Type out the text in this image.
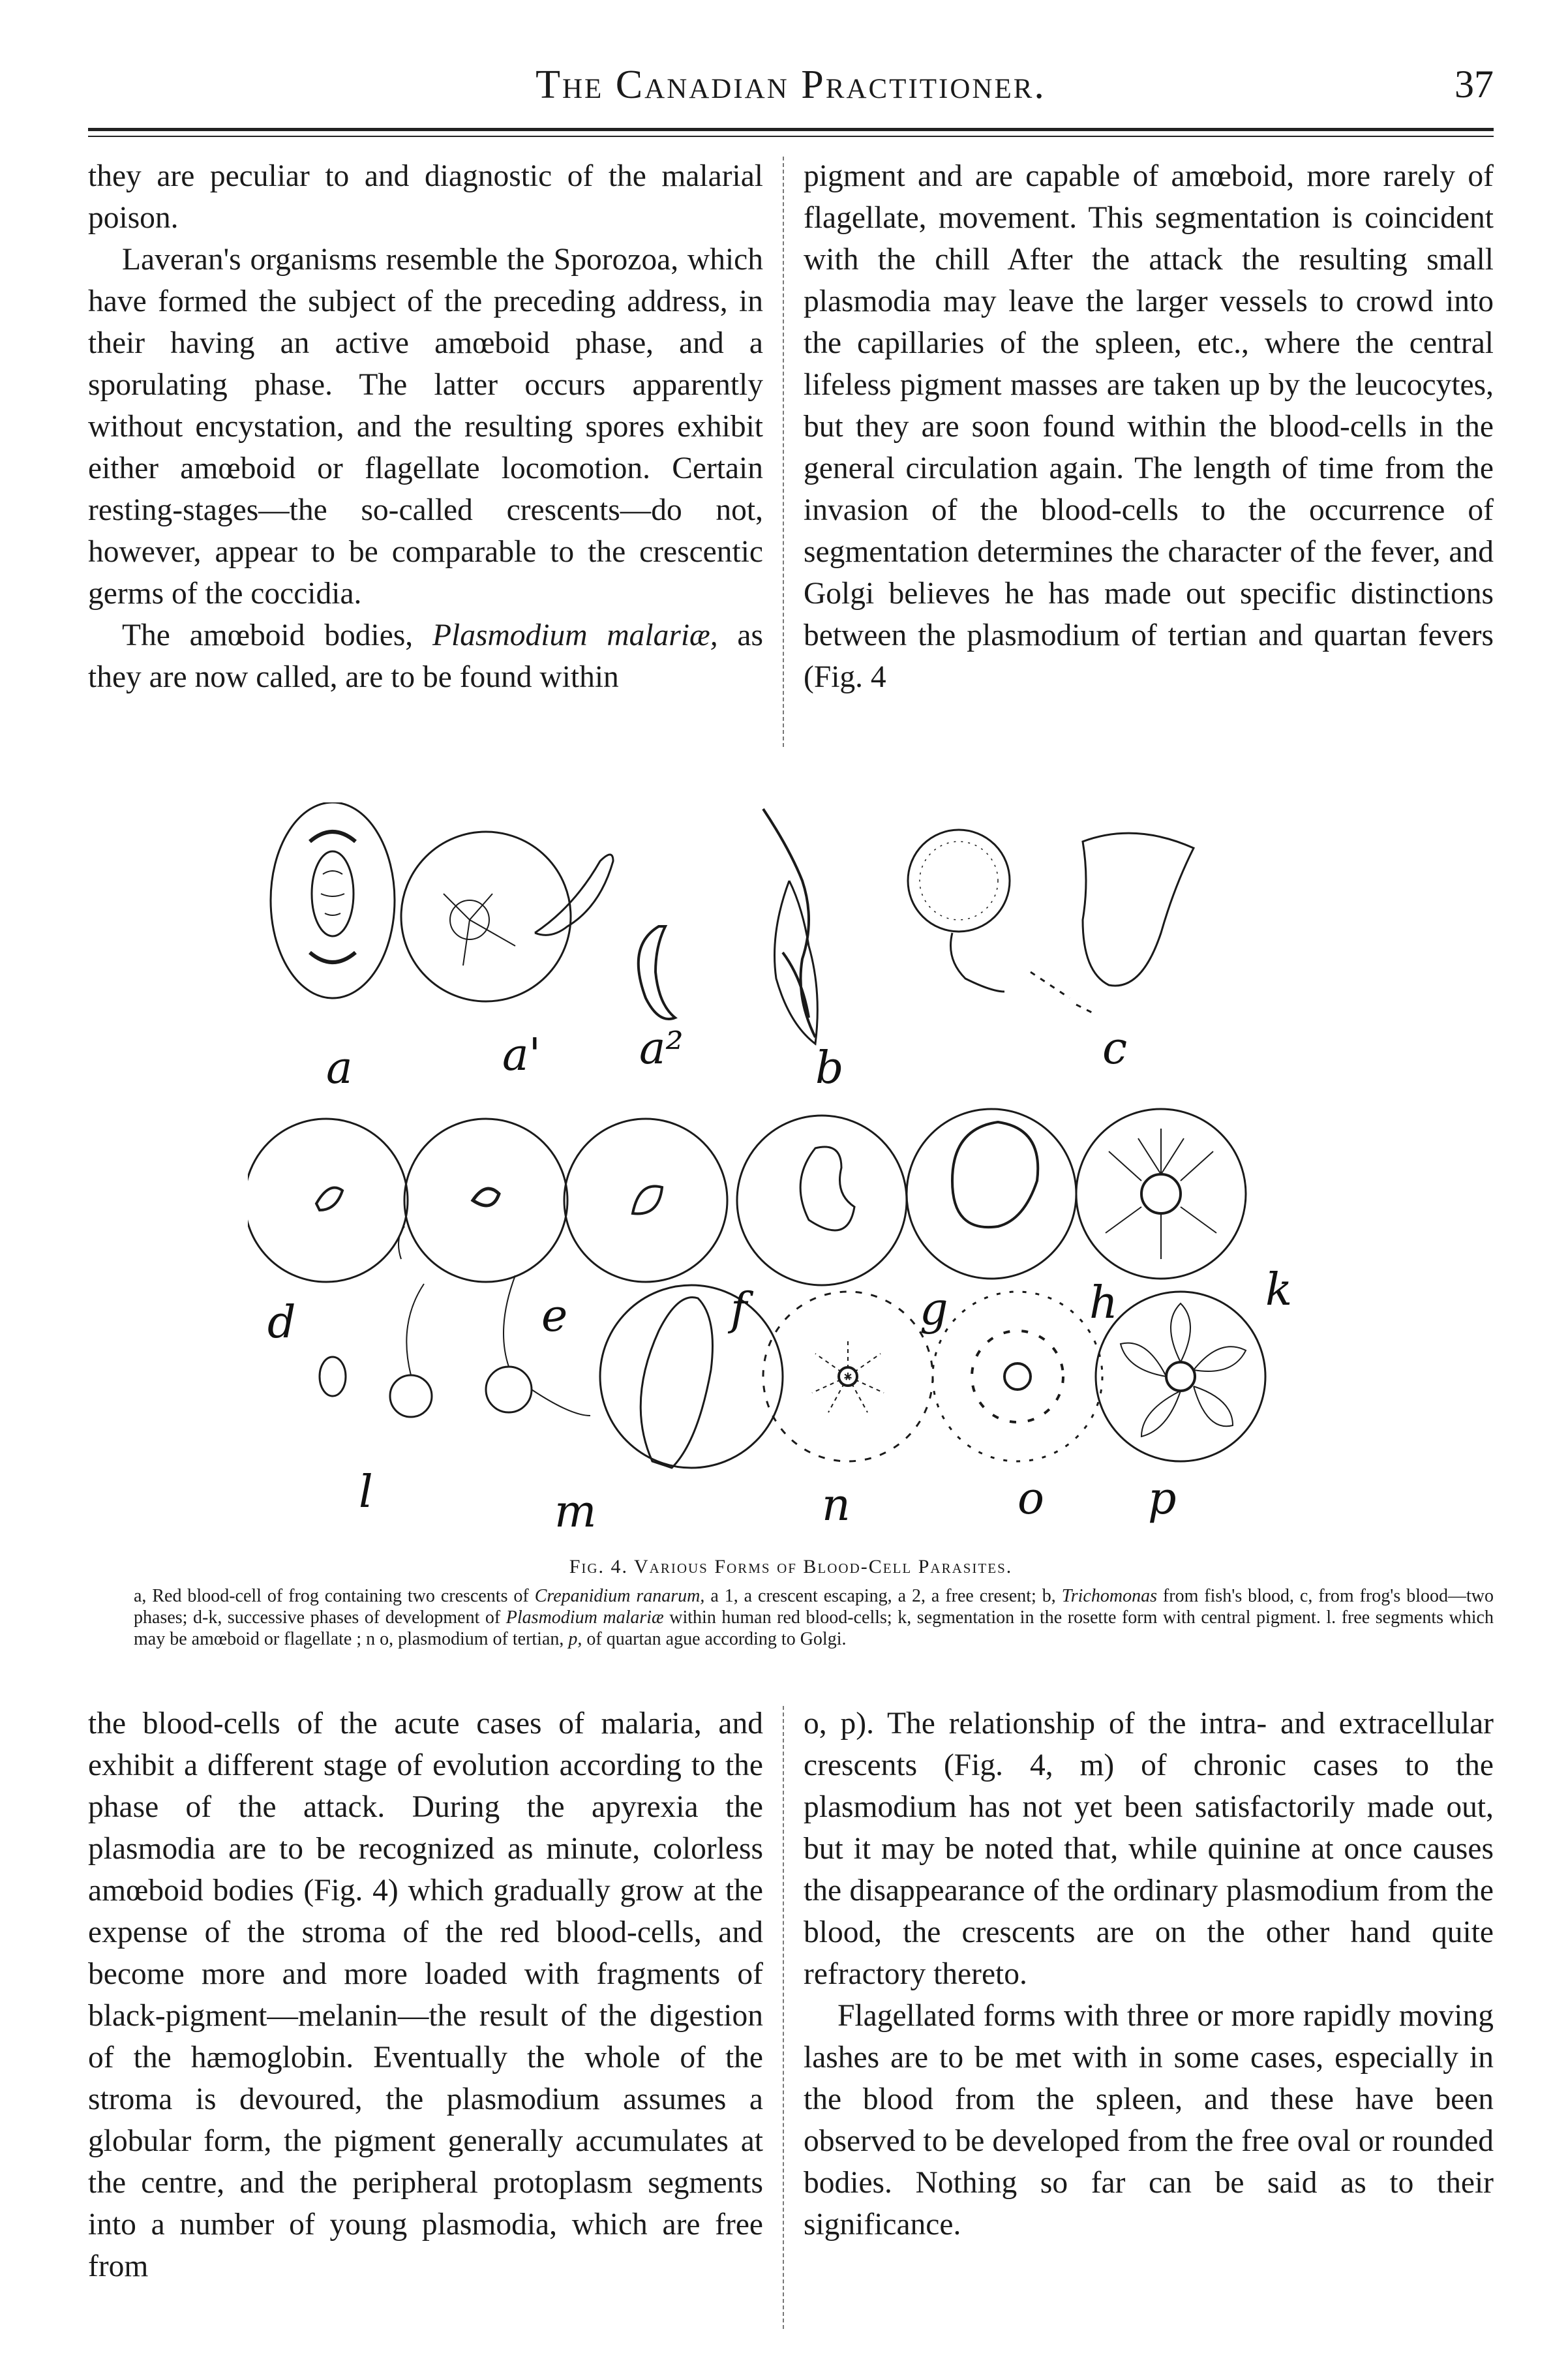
The Canadian Practitioner.	37

they are peculiar to and diagnostic of the malarial poison.

Laveran's organisms resemble the Sporozoa, which have formed the subject of the preceding address, in their having an active amœboid phase, and a sporulating phase. The latter occurs apparently without encystation, and the resulting spores exhibit either amœboid or flagellate locomotion. Certain resting-stages—the so-called crescents—do not, however, appear to be comparable to the crescentic germs of the coccidia.

The amœboid bodies, Plasmodium malariæ, as they are now called, are to be found within

pigment and are capable of amœboid, more rarely of flagellate, movement. This segmentation is coincident with the chill After the attack the resulting small plasmodia may leave the larger vessels to crowd into the capillaries of the spleen, etc., where the central lifeless pigment masses are taken up by the leucocytes, but they are soon found within the blood-cells in the general circulation again. The length of time from the invasion of the blood-cells to the occurrence of segmentation determines the character of the fever, and Golgi believes he has made out specific distinctions between the plasmodium of tertian and quartan fevers (Fig. 4

a	a' a²	b	c
d	e	f	g	h	k
l	m	n	o p
Fig. 4. Various Forms of Blood-Cell Parasites.
a, Red blood-cell of frog containing two crescents of Crepanidium ranarum, a 1, a crescent escaping, a 2, a free cresent; b, Trichomonas from fish's blood, c, from frog's blood—two phases; d-k, successive phases of development of Plasmodium malariæ within human red blood-cells; k, segmentation in the rosette form with central pigment. l. free segments which may be amœboid or flagellate ; n o, plasmodium of tertian, p, of quartan ague according to Golgi.

the blood-cells of the acute cases of malaria, and exhibit a different stage of evolution according to the phase of the attack. During the apyrexia the plasmodia are to be recognized as minute, colorless amœboid bodies (Fig. 4) which gradually grow at the expense of the stroma of the red blood-cells, and become more and more loaded with fragments of black-pigment—melanin—the result of the digestion of the hæmoglobin. Eventually the whole of the stroma is devoured, the plasmodium assumes a globular form, the pigment generally accumulates at the centre, and the peripheral protoplasm segments into a number of young plasmodia, which are free from

o, p). The relationship of the intra- and extracellular crescents (Fig. 4, m) of chronic cases to the plasmodium has not yet been satisfactorily made out, but it may be noted that, while quinine at once causes the disappearance of the ordinary plasmodium from the blood, the crescents are on the other hand quite refractory thereto.

Flagellated forms with three or more rapidly moving lashes are to be met with in some cases, especially in the blood from the spleen, and these have been observed to be developed from the free oval or rounded bodies. Nothing so far can be said as to their significance.
